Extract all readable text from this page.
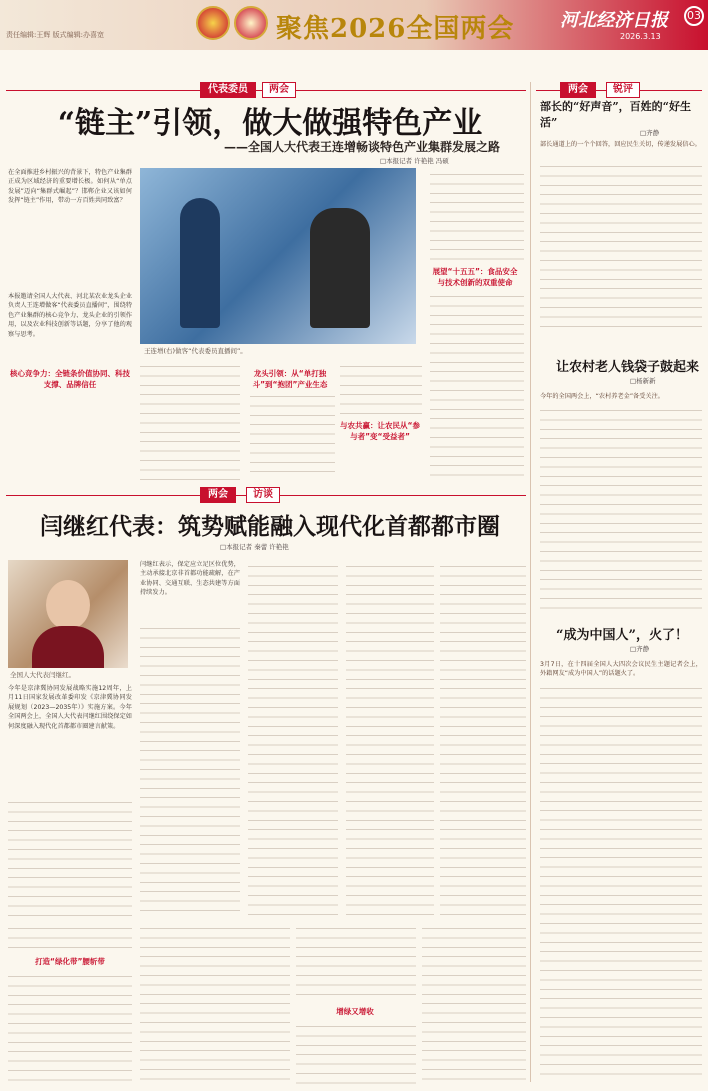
聚焦2026全国两会	河北经济日报 03
2026.3.13
责任编辑:王辉 版式编辑:办喜宽
代表委员	两会
“链主”引领，做大做强特色产业
——全国人大代表王连增畅谈特色产业集群发展之路
□本报记者 许艳艳 冯硕
王连增(右)做客“代表委员直播间”。
在全面推进乡村振兴的背景下，特色产业集群正成为区域经济的重要增长极。如何从“单点发展”迈向“集群式崛起”？邯郸企业又该如何发挥“链主”作用，带动一方百姓共同致富？
本报邀请全国人大代表、河北某农业龙头企业负责人王连增做客“代表委员直播间”，围绕特色产业集群的核心竞争力、龙头企业的引领作用，以及农业科技创新等话题，分享了他的观察与思考。
核心竞争力：全链条价值协同、科技支撑、品牌信任
龙头引领：从“单打独斗”到“抱团”产业生态
与农共赢：让农民从“参与者”变“受益者”
展望“十五五”：食品安全与技术创新的双重使命
两会	锐评
部长的“好声音”，百姓的“好生活”
□齐静
部长通道上的一个个回答，回应民生关切，传递发展信心。
让农村老人钱袋子鼓起来
□杨新新
今年的全国两会上，“农村养老金”备受关注。
“成为中国人”，火了！
□齐静
3月7日，在十四届全国人大四次会议民生主题记者会上，外籍网友“成为中国人”的话题火了。
两会	访谈
闫继红代表：筑势赋能融入现代化首都都市圈
□本报记者 秦蕾 许艳艳
全国人大代表闫继红。
今年是京津冀协同发展战略实施12周年，上月11日国家发展改革委印发《京津冀协同发展规划（2023—2035年）》实施方案。今年全国两会上，全国人大代表闫继红围绕保定如何深度融入现代化首都都市圈建言献策。
闫继红表示，保定应立足区位优势，主动承接北京非首都功能疏解，在产业协同、交通互联、生态共建等方面持续发力。
打造“绿化带”腰斩带
增绿又增收
